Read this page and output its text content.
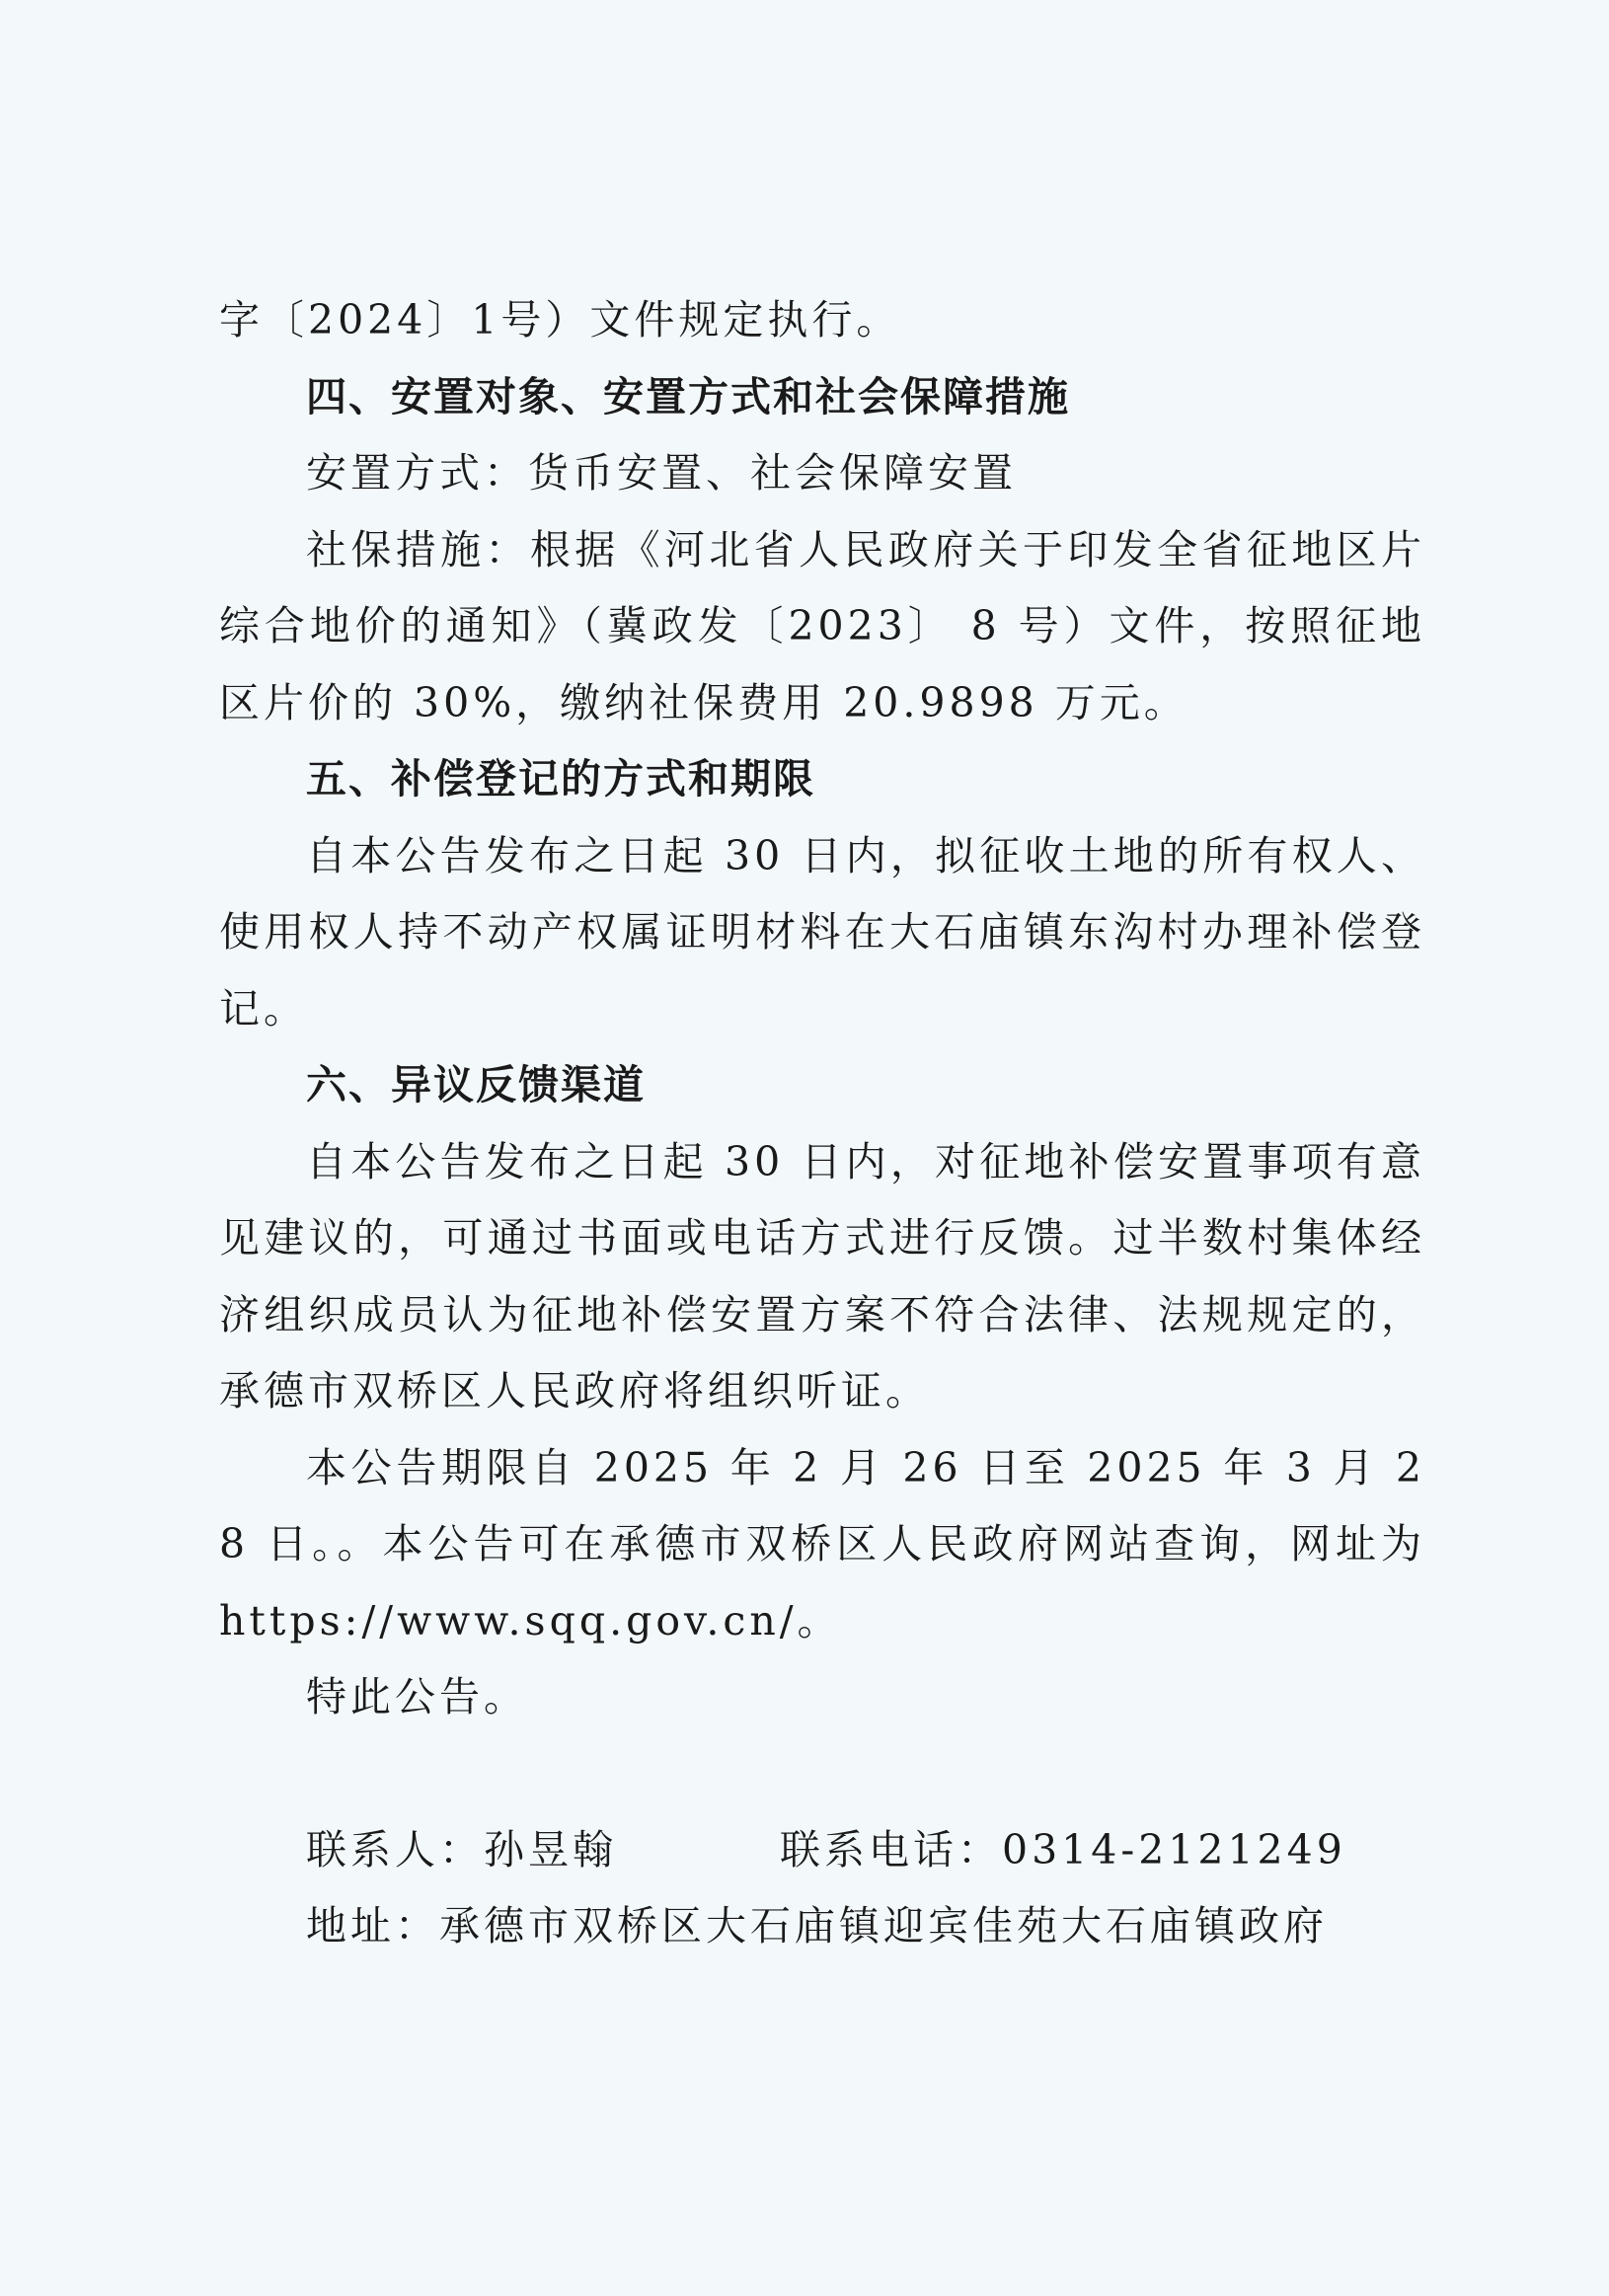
字〔2024〕1号）文件规定执行。

四、安置对象、安置方式和社会保障措施

安置方式：货币安置、社会保障安置

社保措施：根据《河北省人民政府关于印发全省征地区片综合地价的通知》（冀政发〔2023〕 8 号）文件，按照征地区片价的 30%，缴纳社保费用 20.9898 万元。

五、补偿登记的方式和期限

自本公告发布之日起 30 日内，拟征收土地的所有权人、使用权人持不动产权属证明材料在大石庙镇东沟村办理补偿登记。

六、异议反馈渠道

自本公告发布之日起 30 日内，对征地补偿安置事项有意见建议的，可通过书面或电话方式进行反馈。过半数村集体经济组织成员认为征地补偿安置方案不符合法律、法规规定的，承德市双桥区人民政府将组织听证。

本公告期限自 2025 年 2 月 26 日至 2025 年 3 月 28 日。。本公告可在承德市双桥区人民政府网站查询，网址为https://www.sqq.gov.cn/。

特此公告。

联系人：孙昱翰	联系电话：0314-2121249

地址：承德市双桥区大石庙镇迎宾佳苑大石庙镇政府
